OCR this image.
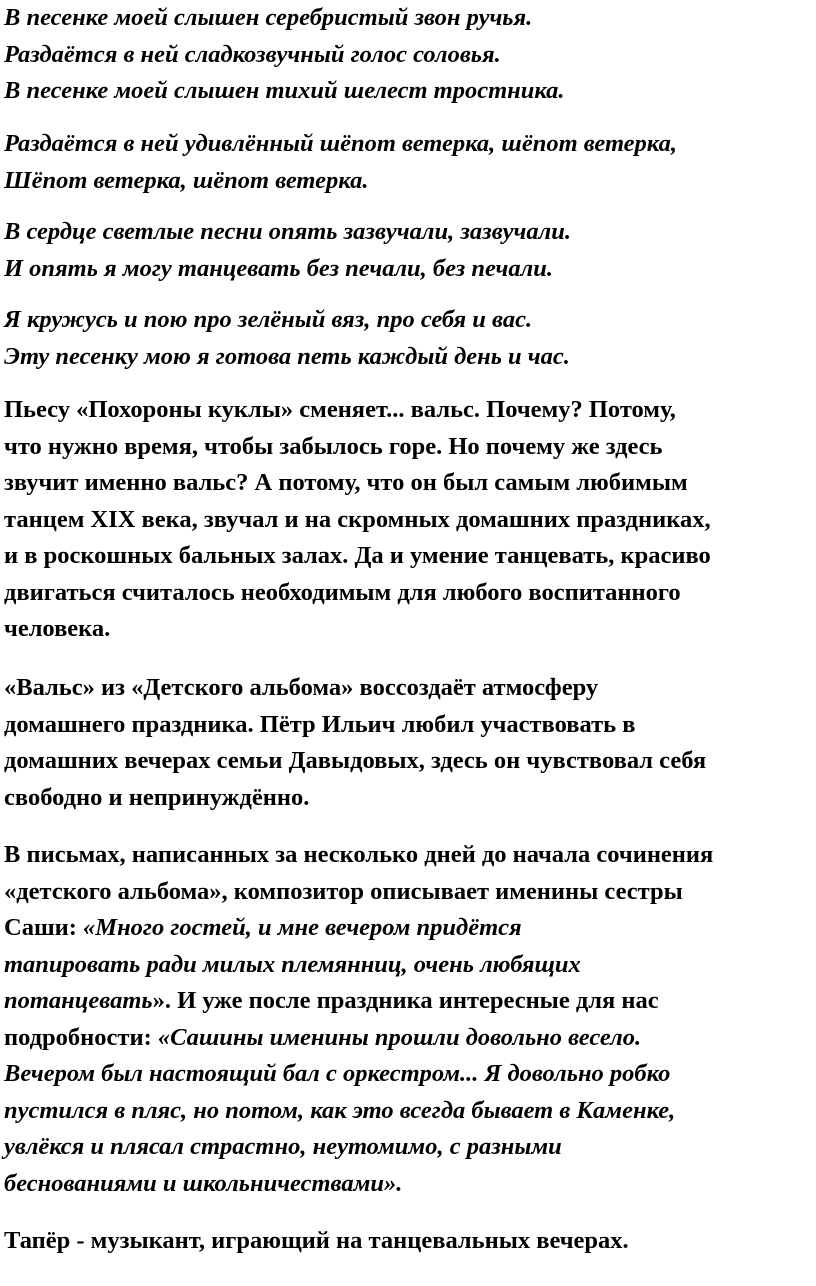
В песенке моей слышен серебристый звон ручья.
Раздаётся в ней сладкозвучный голос соловья.
В песенке моей слышен тихий шелест тростника.

Раздаётся в ней удивлённый шёпот ветерка, шёпот ветерка,
Шёпот ветерка, шёпот ветерка.

В сердце светлые песни опять зазвучали, зазвучали.
И опять я могу танцевать без печали, без печали.

Я кружусь и пою про зелёный вяз, про себя и вас.
Эту песенку мою я готова петь каждый день и час.

Пьесу «Похороны куклы» сменяет... вальс. Почему? Потому,
что нужно время, чтобы забылось горе. Но почему же здесь
звучит именно вальс? А потому, что он был самым любимым
танцем XIX века, звучал и на скромных домашних праздниках,
и в роскошных бальных залах. Да и умение танцевать, красиво
двигаться считалось необходимым для любого воспитанного
человека.

«Вальс» из «Детского альбома» воссоздаёт атмосферу
домашнего праздника. Пётр Ильич любил участвовать в
домашних вечерах семьи Давыдовых, здесь он чувствовал себя
свободно и непринуждённо.

В письмах, написанных за несколько дней до начала сочинения
«детского альбома», композитор описывает именины сестры
Саши: «Много гостей, и мне вечером придётся
тапировать ради милых племянниц, очень любящих
потанцевать». И уже после праздника интересные для нас
подробности: «Сашины именины прошли довольно весело.
Вечером был настоящий бал с оркестром... Я довольно робко
пустился в пляс, но потом, как это всегда бывает в Каменке,
увлёкся и плясал страстно, неутомимо, с разными
беснованиями и школьничествами».

Тапёр - музыкант, играющий на танцевальных вечерах.
